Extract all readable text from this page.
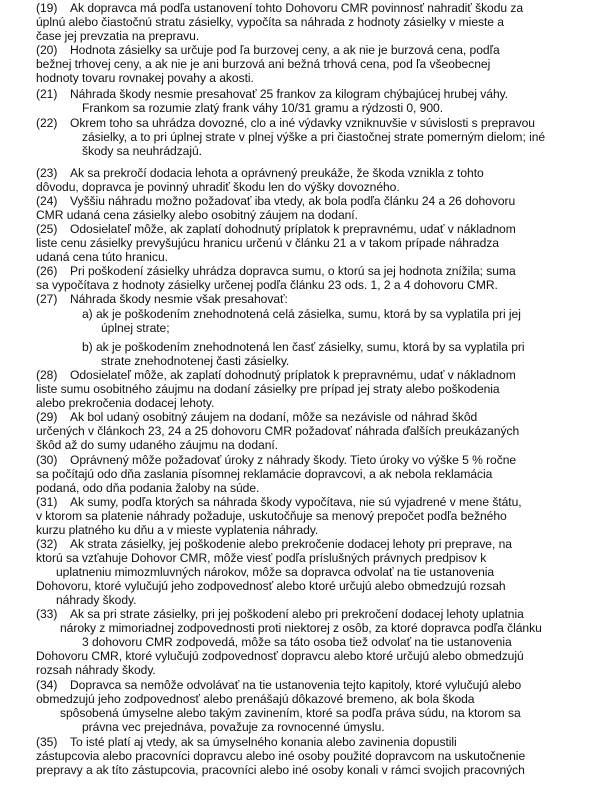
(19) Ak dopravca má podľa ustanovení tohto Dohovoru CMR povinnosť nahradiť škodu za
úplnú alebo čiastočnú stratu zásielky, vypočíta sa náhrada z hodnoty zásielky v mieste a
čase jej prevzatia na prepravu.
(20) Hodnota zásielky sa určuje pod ľa burzovej ceny, a ak nie je burzová cena, podľa
bežnej trhovej ceny, a ak nie je ani burzová ani bežná trhová cena, pod ľa všeobecnej
hodnoty tovaru rovnakej povahy a akosti.
(21) Náhrada škody nesmie presahovať 25 frankov za kilogram chýbajúcej hrubej váhy.
Frankom sa rozumie zlatý frank váhy 10/31 gramu a rýdzosti 0, 900.
(22) Okrem toho sa uhrádza dovozné, clo a iné výdavky vzniknuvšie v súvislosti s prepravou
zásielky, a to pri úplnej strate v plnej výške a pri čiastočnej strate pomerným dielom; iné
škody sa neuhrádzajú.
(23) Ak sa prekročí dodacia lehota a oprávnený preukáže, že škoda vznikla z tohto
dôvodu, dopravca je povinný uhradiť škodu len do výšky dovozného.
(24) Vyššiu náhradu možno požadovať iba vtedy, ak bola podľa článku 24 a 26 dohovoru
CMR udaná cena zásielky alebo osobitný záujem na dodaní.
(25) Odosielateľ môže, ak zaplatí dohodnutý príplatok k prepravnému, udať v nákladnom
liste cenu zásielky prevyšujúcu hranicu určenú v článku 21 a v takom prípade náhradza
udaná cena túto hranicu.
(26) Pri poškodení zásielky uhrádza dopravca sumu, o ktorú sa jej hodnota znížila; suma
sa vypočítava z hodnoty zásielky určenej podľa článku 23 ods. 1, 2 a 4 dohovoru CMR.
(27) Náhrada škody nesmie však presahovať:
a) ak je poškodením znehodnotená celá zásielka, sumu, ktorá by sa vyplatila pri jej
úplnej strate;
b) ak je poškodením znehodnotená len časť zásielky, sumu, ktorá by sa vyplatila pri
strate znehodnotenej časti zásielky.
(28) Odosielateľ môže, ak zaplatí dohodnutý príplatok k prepravnému, udať v nákladnom
liste sumu osobitného záujmu na dodaní zásielky pre prípad jej straty alebo poškodenia
alebo prekročenia dodacej lehoty.
(29) Ak bol udaný osobitný záujem na dodaní, môže sa nezávisle od náhrad škôd
určených v článkoch 23, 24 a 25 dohovoru CMR požadovať náhrada ďalších preukázaných
škôd až do sumy udaného záujmu na dodaní.
(30) Oprávnený môže požadovať úroky z náhrady škody. Tieto úroky vo výške 5 % ročne
sa počítajú odo dňa zaslania písomnej reklamácie dopravcovi, a ak nebola reklamácia
podaná, odo dňa podania žaloby na súde.
(31) Ak sumy, podľa ktorých sa náhrada škody vypočítava, nie sú vyjadrené v mene štátu,
v ktorom sa platenie náhrady požaduje, uskutočňuje sa menový prepočet podľa bežného
kurzu platného ku dňu a v mieste vyplatenia náhrady.
(32) Ak strata zásielky, jej poškodenie alebo prekročenie dodacej lehoty pri preprave, na
ktorú sa vzťahuje Dohovor CMR, môže viesť podľa príslušných právnych predpisov k
uplatneniu mimozmluvných nárokov, môže sa dopravca odvolať na tie ustanovenia
Dohovoru, ktoré vylučujú jeho zodpovednosť alebo ktoré určujú alebo obmedzujú rozsah
náhrady škody.
(33) Ak sa pri strate zásielky, pri jej poškodení alebo pri prekročení dodacej lehoty uplatnia
nároky z mimoriadnej zodpovednosti proti niektorej z osôb, za ktoré dopravca podľa článku
3 dohovoru CMR zodpovedá, môže sa táto osoba tiež odvolať na tie ustanovenia
Dohovoru CMR, ktoré vylučujú zodpovednosť dopravcu alebo ktoré určujú alebo obmedzujú
rozsah náhrady škody.
(34) Dopravca sa nemôže odvolávať na tie ustanovenia tejto kapitoly, ktoré vylučujú alebo
obmedzujú jeho zodpovednosť alebo prenášajú dôkazové bremeno, ak bola škoda
spôsobená úmyselne alebo takým zavinením, ktoré sa podľa práva súdu, na ktorom sa
právna vec prejednáva, považuje za rovnocenné úmyslu.
(35) To isté platí aj vtedy, ak sa úmyselného konania alebo zavinenia dopustili
zástupcovia alebo pracovníci dopravcu alebo iné osoby použité dopravcom na uskutočnenie
prepravy a ak títo zástupcovia, pracovníci alebo iné osoby konali v rámci svojich pracovných
